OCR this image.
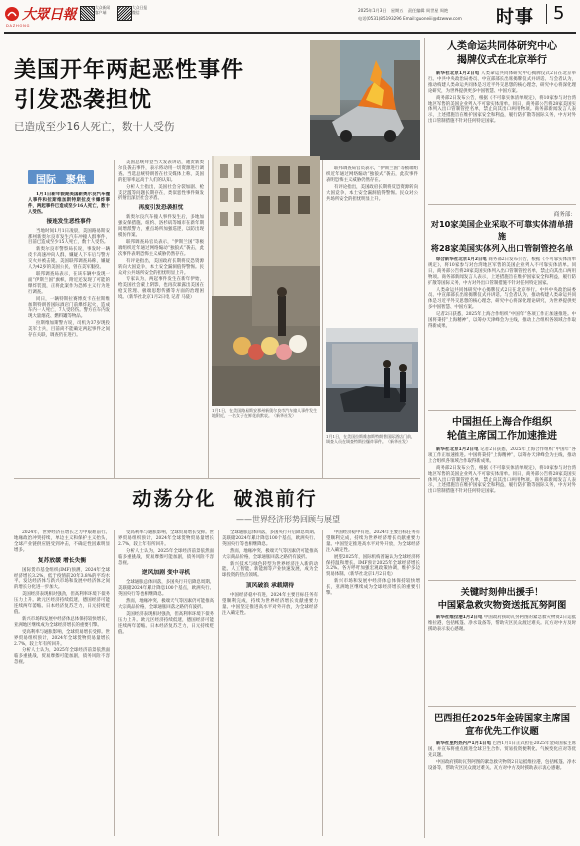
大眾日報
DAZHONG
大众新闻
客户端
大众日报
微信	2025年1月3日 星期五 责任编辑 周世星 周艳
电话(0531)85193296 Email:guoneiii@dzwww.com	时事 5
美国开年两起恶性事件
引发恐袭担忧
已造成至少16人死亡，数十人受伤
国际 聚焦

1月1日新年假期美国新奥尔良汽车撞人事件和拉斯维加斯特斯拉皮卡爆炸事件，两起事件已造成至少16人死亡，数十人受伤。

接连发生恶性事件

当地时间1月1日凌晨，美国路易斯安那州新奥尔良市发生汽车冲撞人群事件，目前已造成至少15人死亡，数十人受伤。

新奥尔良市警察局长说，事发时一辆皮卡高速冲向人群，嫌疑人下车后与警方交火并被击毙。美国联邦调查局称，嫌疑人为42岁的美国公民，曾在美军服役。

联邦调查局表示，在该车辆中发现一面“伊斯兰国”旗帜，附近还发现了可能的爆炸装置，正将此案作为恐怖主义行为进行调查。

同日，一辆特斯拉赛博皮卡在拉斯维加斯特朗普国际酒店门前爆炸起火，造成车内一人死亡，7人受轻伤。警方在车内发现大量烟花、燃料罐等物品。

拉斯维加斯警方说，司机为37岁现役美军士兵，目前尚不能确定两起事件之间存在关联，调查仍在进行。

美国总统拜登当天发表讲话，谴责新奥尔良袭击事件，表示将动用一切资源进行调查。当选总统特朗普在社交媒体上称，美国的犯罪率远高于人们的认知。

分析人士指出，美国社会分裂加剧、枪支泛滥等问题长期存在，类似恶性事件频发折射出深层社会矛盾。

再度引发恐袭担忧

新奥尔良汽车撞人事件发生后，多地加强安保措施。纽约、洛杉矶等城市在新年期间增派警力，重点场所加强巡逻，以防出现模仿作案。

联邦调查局官员表示，“伊斯兰国”等极端组织近年通过网络煽动“独狼式”袭击，此次事件表明恐怖主义威胁仍然存在。

有评论指出，美国政府长期将反恐资源转向大国竞争，本土安全漏洞值得警惕。民众对公共场所安全的担忧明显上升。

专家认为，两起事件发生在新年伊始，给美国社会蒙上阴影，也再次暴露出美国在枪支管理、极端思想传播等方面的治理困境。（新华社北京1月2日电 记者 马骁）

1月1日，在美国路易斯安那州新奥尔良市汽车撞人事件发生地附近，一名女子在鲜花前默哀。（新华社发）
1月1日，在美国拉斯维加斯特朗普国际酒店门前，调查人员在调查特斯拉爆炸事件。（新华社发）

联邦调查局官员表示，“伊斯兰国”等极端组织近年通过网络煽动“独狼式”袭击，此次事件表明恐怖主义威胁仍然存在。

有评论指出，美国政府长期将反恐资源转向大国竞争，本土安全漏洞值得警惕。民众对公共场所安全的担忧明显上升。

人类命运共同体研究中心
揭牌仪式在北京举行

新华社北京1月2日电 人类命运共同体研究中心揭牌仪式2日在北京举行。中共中央政治局委员、中宣部部长出席揭牌仪式并讲话。与会者认为，推动构建人类命运共同体是习近平外交思想的核心理念，研究中心将深化理论研究，为世界提供更多中国智慧、中国方案。

商务部2日发布公告，根据《不可靠实体清单规定》，将10家参与对台湾地区军售的美国企业列入不可靠实体清单。同日，商务部公告将28家美国实体列入出口管制管控名单，禁止向其出口两用物项。商务部新闻发言人表示，上述措施旨在维护国家安全和利益，履行防扩散等国际义务，中方对外出口管制措施不针对任何特定国家。

商务部：
对10家美国企业采取不可靠实体清单措施
将28家美国实体列入出口管制管控名单

综合新华社北京1月2日电 商务部2日发布公告，根据《不可靠实体清单规定》，将10家参与对台湾地区军售的美国企业列入不可靠实体清单。同日，商务部公告将28家美国实体列入出口管制管控名单，禁止向其出口两用物项。商务部新闻发言人表示，上述措施旨在维护国家安全和利益，履行防扩散等国际义务，中方对外出口管制措施不针对任何特定国家。

人类命运共同体研究中心揭牌仪式2日在北京举行。中共中央政治局委员、中宣部部长出席揭牌仪式并讲话。与会者认为，推动构建人类命运共同体是习近平外交思想的核心理念，研究中心将深化理论研究，为世界提供更多中国智慧、中国方案。

记者2日获悉，2025年上海合作组织“中国年”各项工作正加速推进。中国将秉持“上海精神”，以筹办天津峰会为主线，推动上合组织各领域合作取得新成果。

中国担任上海合作组织
轮值主席国工作加速推进

新华社北京1月2日电 记者2日获悉，2025年上海合作组织“中国年”各项工作正加速推进。中国将秉持“上海精神”，以筹办天津峰会为主线，推动上合组织各领域合作取得新成果。

商务部2日发布公告，根据《不可靠实体清单规定》，将10家参与对台湾地区军售的美国企业列入不可靠实体清单。同日，商务部公告将28家美国实体列入出口管制管控名单，禁止向其出口两用物项。商务部新闻发言人表示，上述措施旨在维护国家安全和利益，履行防扩散等国际义务，中方对外出口管制措施不针对任何特定国家。

关键时刻伸出援手！
中国紧急救灾物资送抵瓦努阿图

新华社维拉港1月2日电 中国政府援助瓦努阿图的紧急救灾物资2日运抵维拉港，包括帐篷、净水设备等，帮助灾区民众渡过难关。瓦方对中方及时援助表示衷心感谢。

巴西担任2025年金砖国家主席国
宣布优先工作议题

新华社里约热内卢1月1日电 巴西1月1日正式担任2025年金砖国家主席国，并宣布将重点推进全球卫生合作、贸易投资便利化、气候变化应对等优先议题。

中国政府援助瓦努阿图的紧急救灾物资2日运抵维拉港，包括帐篷、净水设备等，帮助灾区民众渡过难关。瓦方对中方及时援助表示衷心感谢。

动荡分化  破浪前行
——世界经济形势回顾与展望

2024年，世界经济在增长乏力中艰难前行。地缘政治冲突持续，单边主义和保护主义抬头，全球产业链供应链受到冲击，不确定性因素明显增多。

复苏放缓 增长失衡

国际货币基金组织(IMF)预测，2024年全球经济增长3.2%，低于疫情前20年3.8%的平均水平。发达经济体与新兴市场和发展中经济体之间的增长分化进一步加大。

美国经济表现相对强劲，但高利率环境下债务压力上升。欧元区经济持续低迷，德国经济可能连续两年萎缩。日本经济复苏乏力，日元持续贬值。

新兴市场和发展中经济体总体保持较快增长，亚洲地区继续成为全球经济增长的重要引擎。

受高利率与通胀影响，全球贸易增长受抑。世界贸易组织预计，2024年全球货物贸易量增长2.7%，较上年有所回升。

分析人士认为，2025年全球经济前景依然面临多重挑战，贸易摩擦可能加剧，债务风险不容忽视。

受高利率与通胀影响，全球贸易增长受抑。世界贸易组织预计，2024年全球货物贸易量增长2.7%，较上年有所回升。

分析人士认为，2025年全球经济前景依然面临多重挑战，贸易摩擦可能加剧，债务风险不容忽视。

逆风加剧 变中寻机

全球通胀总体回落，多国央行开启降息周期。美联储2024年累计降息100个基点，欧洲央行、英国央行等也相继降息。

然而，地缘冲突、极端天气等因素仍可能推高大宗商品价格，全球通胀回落之路仍有波折。

美国经济表现相对强劲，但高利率环境下债务压力上升。欧元区经济持续低迷，德国经济可能连续两年萎缩。日本经济复苏乏力，日元持续贬值。

全球通胀总体回落，多国央行开启降息周期。美联储2024年累计降息100个基点，欧洲央行、英国央行等也相继降息。

然而，地缘冲突、极端天气等因素仍可能推高大宗商品价格，全球通胀回落之路仍有波折。

新兴技术与绿色转型为世界经济注入新的动能。人工智能、新能源等产业快速发展，成为全球投资的热点领域。

顶风破浪 承载期待

中国经济稳中有进，2024年主要目标任务有望顺利完成，持续为世界经济增长贡献重要力量。中国坚定推进高水平对外开放，为全球经济注入确定性。

中国经济稳中有进，2024年主要目标任务有望顺利完成，持续为世界经济增长贡献重要力量。中国坚定推进高水平对外开放，为全球经济注入确定性。

展望2025年，国际机构普遍认为全球经济将保持温和增长。IMF预计2025年全球经济增长3.2%。各方呼吁加强宏观政策协调，维护多边贸易体制。（新华社北京1月2日电）

新兴市场和发展中经济体总体保持较快增长，亚洲地区继续成为全球经济增长的重要引擎。
